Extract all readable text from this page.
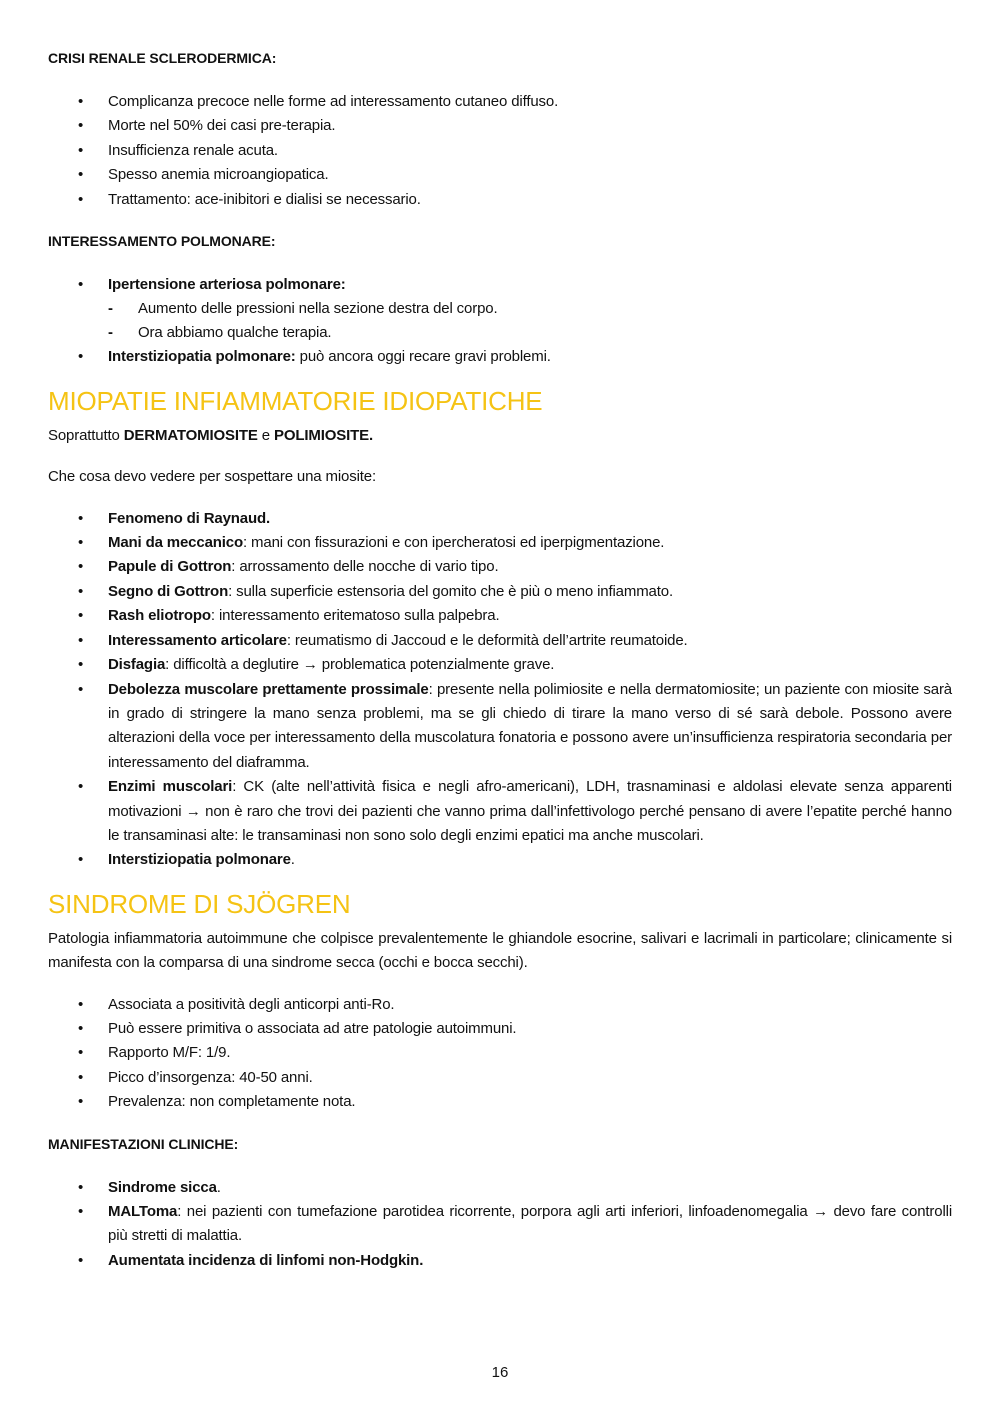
CRISI RENALE SCLERODERMICA:

• Complicanza precoce nelle forme ad interessamento cutaneo diffuso.
• Morte nel 50% dei casi pre-terapia.
• Insufficienza renale acuta.
• Spesso anemia microangiopatica.
• Trattamento: ace-inibitori e dialisi se necessario.

INTERESSAMENTO POLMONARE:

• Ipertensione arteriosa polmonare:
- Aumento delle pressioni nella sezione destra del corpo.
- Ora abbiamo qualche terapia.
• Interstiziopatia polmonare: può ancora oggi recare gravi problemi.
MIOPATIE INFIAMMATORIE IDIOPATICHE

Soprattutto DERMATOMIOSITE e POLIMIOSITE.

Che cosa devo vedere per sospettare una miosite:

• Fenomeno di Raynaud.
• Mani da meccanico: mani con fissurazioni e con ipercheratosi ed iperpigmentazione.
• Papule di Gottron: arrossamento delle nocche di vario tipo.
• Segno di Gottron: sulla superficie estensoria del gomito che è più o meno infiammato.
• Rash eliotropo: interessamento eritematoso sulla palpebra.
• Interessamento articolare: reumatismo di Jaccoud e le deformità dell’artrite reumatoide.
• Disfagia: difficoltà a deglutire → problematica potenzialmente grave.
• Debolezza muscolare prettamente prossimale: presente nella polimiosite e nella dermatomiosite; un paziente con miosite sarà in grado di stringere la mano senza problemi, ma se gli chiedo di tirare la mano verso di sé sarà debole. Possono avere alterazioni della voce per interessamento della muscolatura fonatoria e possono avere un’insufficienza respiratoria secondaria per interessamento del diaframma.
• Enzimi muscolari: CK (alte nell’attività fisica e negli afro-americani), LDH, trasnaminasi e aldolasi elevate senza apparenti motivazioni → non è raro che trovi dei pazienti che vanno prima dall’infettivologo perché pensano di avere l’epatite perché hanno le transaminasi alte: le transaminasi non sono solo degli enzimi epatici ma anche muscolari.
• Interstiziopatia polmonare.
SINDROME DI SJÖGREN

Patologia infiammatoria autoimmune che colpisce prevalentemente le ghiandole esocrine, salivari e lacrimali in particolare; clinicamente si manifesta con la comparsa di una sindrome secca (occhi e bocca secchi).

• Associata a positività degli anticorpi anti-Ro.
• Può essere primitiva o associata ad atre patologie autoimmuni.
• Rapporto M/F: 1/9.
• Picco d’insorgenza: 40-50 anni.
• Prevalenza: non completamente nota.

MANIFESTAZIONI CLINICHE:

• Sindrome sicca.
• MALToma: nei pazienti con tumefazione parotidea ricorrente, porpora agli arti inferiori, linfoadenomegalia → devo fare controlli più stretti di malattia.
• Aumentata incidenza di linfomi non-Hodgkin.
16
